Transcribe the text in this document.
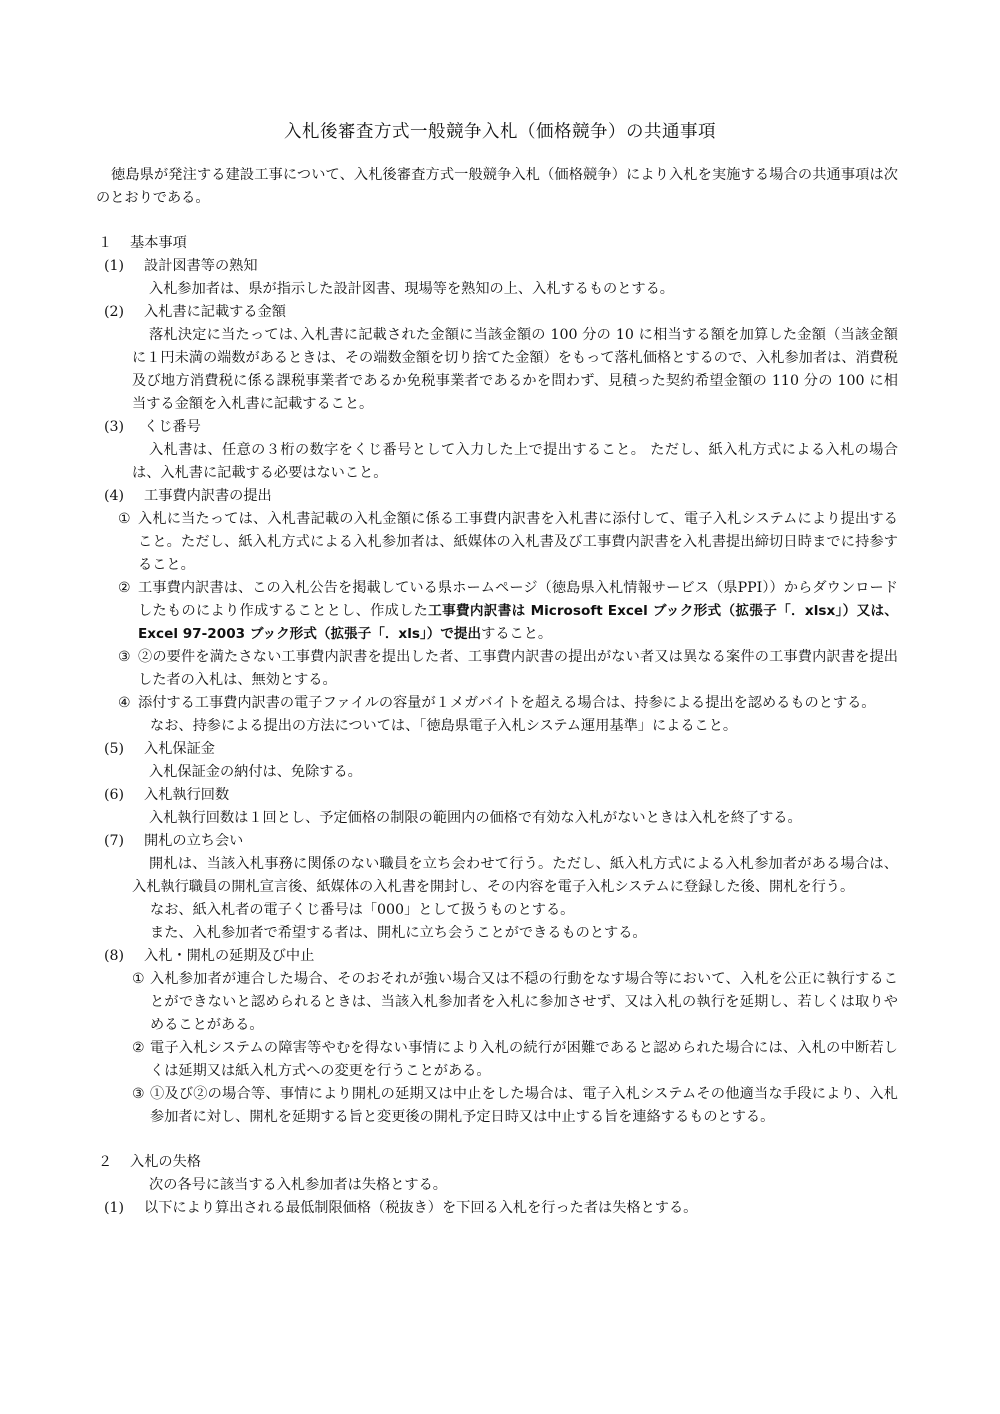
入札後審査方式一般競争入札（価格競争）の共通事項

徳島県が発注する建設工事について、入札後審査方式一般競争入札（価格競争）により入札を実施する場合の共通事項は次のとおりである。

１ 基本事項

(1)	設計図書等の熟知

入札参加者は、県が指示した設計図書、現場等を熟知の上、入札するものとする。

(2)	入札書に記載する金額

落札決定に当たっては､入札書に記載された金額に当該金額の 100 分の 10 に相当する額を加算した金額（当該金額に１円未満の端数があるときは、その端数金額を切り捨てた金額）をもって落札価格とするので、入札参加者は、消費税及び地方消費税に係る課税事業者であるか免税事業者であるかを問わず、見積った契約希望金額の 110 分の 100 に相当する金額を入札書に記載すること。

(3)	くじ番号

入札書は、任意の３桁の数字をくじ番号として入力した上で提出すること。 ただし、紙入札方式による入札の場合は、入札書に記載する必要はないこと。

(4)	工事費内訳書の提出

① 入札に当たっては、入札書記載の入札金額に係る工事費内訳書を入札書に添付して、電子入札システムにより提出すること。ただし、紙入札方式による入札参加者は、紙媒体の入札書及び工事費内訳書を入札書提出締切日時までに持参すること。
② 工事費内訳書は、この入札公告を掲載している県ホームページ（徳島県入札情報サービス（県PPI））からダウンロードしたものにより作成することとし、作成した工事費内訳書は Microsoft Excel ブック形式（拡張子「．xlsx」）又は、Excel 97-2003 ブック形式（拡張子「．xls」）で提出すること。
③ ②の要件を満たさない工事費内訳書を提出した者、工事費内訳書の提出がない者又は異なる案件の工事費内訳書を提出した者の入札は、無効とする。
④ 添付する工事費内訳書の電子ファイルの容量が１メガバイトを超える場合は、持参による提出を認めるものとする。

なお、持参による提出の方法については、「徳島県電子入札システム運用基準」によること。

(5)	入札保証金

入札保証金の納付は、免除する。

(6)	入札執行回数

入札執行回数は１回とし、予定価格の制限の範囲内の価格で有効な入札がないときは入札を終了する。

(7)	開札の立ち会い

開札は、当該入札事務に関係のない職員を立ち会わせて行う。ただし、紙入札方式による入札参加者がある場合は、入札執行職員の開札宣言後、紙媒体の入札書を開封し、その内容を電子入札システムに登録した後、開札を行う。

なお、紙入札者の電子くじ番号は「000」として扱うものとする。

また、入札参加者で希望する者は、開札に立ち会うことができるものとする。

(8)	入札・開札の延期及び中止

① 入札参加者が連合した場合、そのおそれが強い場合又は不穏の行動をなす場合等において、入札を公正に執行することができないと認められるときは、当該入札参加者を入札に参加させず、又は入札の執行を延期し、若しくは取りやめることがある。
② 電子入札システムの障害等やむを得ない事情により入札の続行が困難であると認められた場合には、入札の中断若しくは延期又は紙入札方式への変更を行うことがある。
③ ①及び②の場合等、事情により開札の延期又は中止をした場合は、電子入札システムその他適当な手段により、入札参加者に対し、開札を延期する旨と変更後の開札予定日時又は中止する旨を連絡するものとする。

２ 入札の失格

次の各号に該当する入札参加者は失格とする。

(1)	以下により算出される最低制限価格（税抜き）を下回る入札を行った者は失格とする。
